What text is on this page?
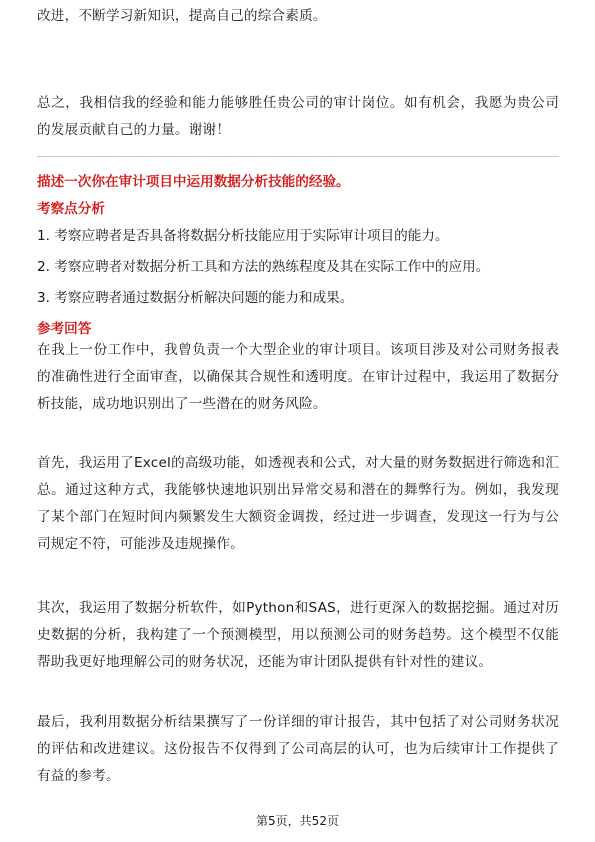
改进，不断学习新知识，提高自己的综合素质。

总之，我相信我的经验和能力能够胜任贵公司的审计岗位。如有机会，我愿为贵公司的发展贡献自己的力量。谢谢！

描述一次你在审计项目中运用数据分析技能的经验。

考察点分析

1. 考察应聘者是否具备将数据分析技能应用于实际审计项目的能力。

2. 考察应聘者对数据分析工具和方法的熟练程度及其在实际工作中的应用。

3. 考察应聘者通过数据分析解决问题的能力和成果。

参考回答

在我上一份工作中，我曾负责一个大型企业的审计项目。该项目涉及对公司财务报表的准确性进行全面审查，以确保其合规性和透明度。在审计过程中，我运用了数据分析技能，成功地识别出了一些潜在的财务风险。

首先，我运用了Excel的高级功能，如透视表和公式，对大量的财务数据进行筛选和汇总。通过这种方式，我能够快速地识别出异常交易和潜在的舞弊行为。例如，我发现了某个部门在短时间内频繁发生大额资金调拨，经过进一步调查，发现这一行为与公司规定不符，可能涉及违规操作。

其次，我运用了数据分析软件，如Python和SAS，进行更深入的数据挖掘。通过对历史数据的分析，我构建了一个预测模型，用以预测公司的财务趋势。这个模型不仅能帮助我更好地理解公司的财务状况，还能为审计团队提供有针对性的建议。

最后，我利用数据分析结果撰写了一份详细的审计报告，其中包括了对公司财务状况的评估和改进建议。这份报告不仅得到了公司高层的认可，也为后续审计工作提供了有益的参考。

第5页，共52页
